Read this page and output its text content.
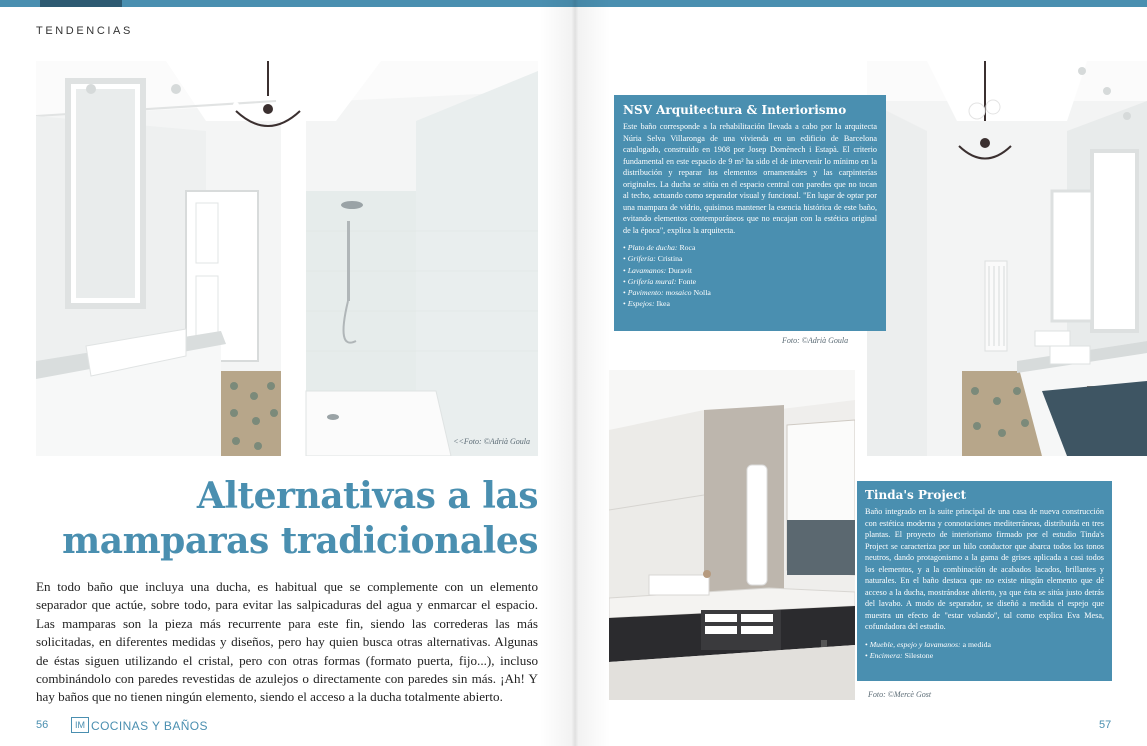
TENDENCIAS
<<Foto: ©Adrià Goula
Alternativas a las
mamparas tradicionales
En todo baño que incluya una ducha, es habitual que se complemente con un elemento separador que actúe, sobre todo, para evitar las salpicaduras del agua y enmarcar el espacio. Las mamparas son la pieza más recurrente para este fin, siendo las correderas las más solicitadas, en diferentes medidas y diseños, pero hay quien busca otras alternativas. Algunas de éstas siguen utilizando el cristal, pero con otras formas (formato puerta, fijo...), incluso combinándolo con paredes revestidas de azulejos o directamente con paredes sin más. ¡Ah! Y hay baños que no tienen ningún elemento, siendo el acceso a la ducha totalmente abierto.
56	IM COCINAS Y BAÑOS
Foto: ©Adrià Goula
Foto: ©Mercè Gost
NSV Arquitectura & Interiorismo
Este baño corresponde a la rehabilitación llevada a cabo por la arquitecta Núria Selva Villaronga de una vivienda en un edificio de Barcelona catalogado, construido en 1908 por Josep Domènech i Estapà. El criterio fundamental en este espacio de 9 m² ha sido el de intervenir lo mínimo en la distribución y reparar los elementos ornamentales y las carpinterías originales. La ducha se sitúa en el espacio central con paredes que no tocan al techo, actuando como separador visual y funcional. "En lugar de optar por una mampara de vidrio, quisimos mantener la esencia histórica de este baño, evitando elementos contemporáneos que no encajan con la estética original de la época", explica la arquitecta.
• Plato de ducha: Roca
• Grifería: Cristina
• Lavamanos: Duravit
• Grifería mural: Fonte
• Pavimento: mosaico Nolla
• Espejos: Ikea
Tinda's Project
Baño integrado en la suite principal de una casa de nueva construcción con estética moderna y connotaciones mediterráneas, distribuida en tres plantas. El proyecto de interiorismo firmado por el estudio Tinda's Project se caracteriza por un hilo conductor que abarca todos los tonos neutros, dando protagonismo a la gama de grises aplicada a casi todos los elementos, y a la combinación de acabados lacados, brillantes y naturales. En el baño destaca que no existe ningún elemento que dé acceso a la ducha, mostrándose abierto, ya que ésta se sitúa justo detrás del lavabo. A modo de separador, se diseñó a medida el espejo que muestra un efecto de "estar volando", tal como explica Eva Mesa, cofundadora del estudio.
• Mueble, espejo y lavamanos: a medida
• Encimera: Silestone
57
